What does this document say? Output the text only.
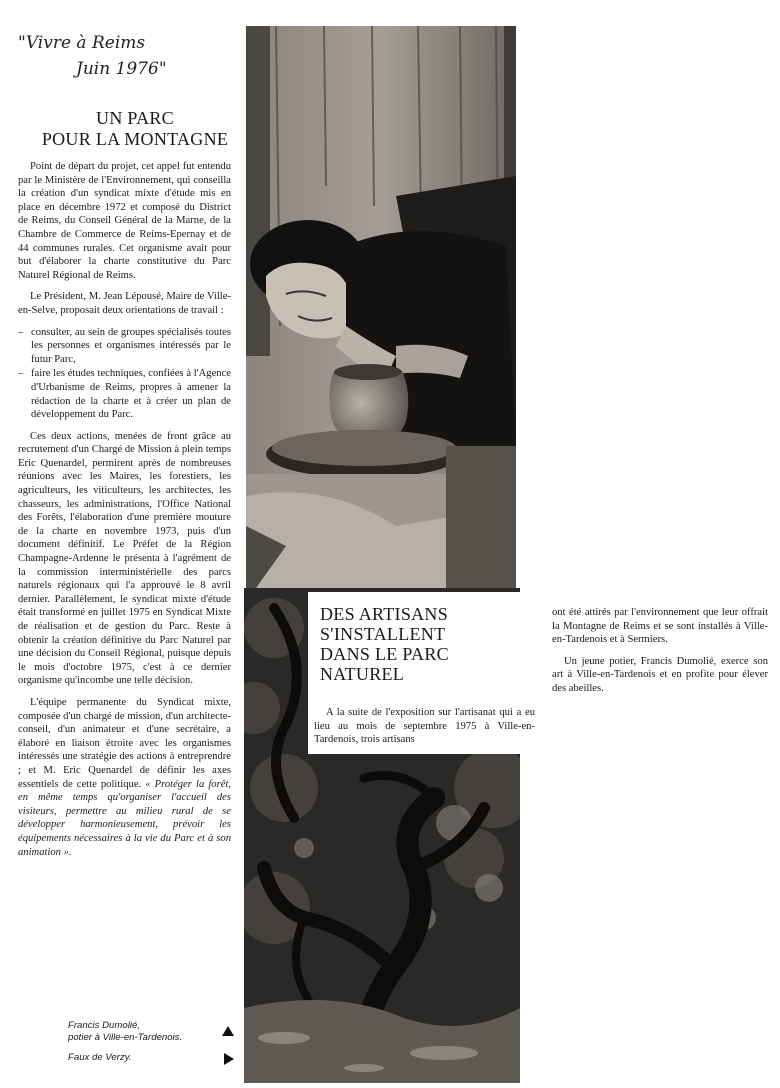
"Vivre à Reims
Juin 1976"
UN PARC
POUR LA MONTAGNE

Point de départ du projet, cet appel fut entendu par le Ministère de l'Environnement, qui conseilla la création d'un syndicat mixte d'étude mis en place en décembre 1972 et composé du District de Reims, du Conseil Général de la Marne, de la Chambre de Commerce de Reims-Epernay et de 44 communes rurales. Cet organisme avait pour but d'élaborer la charte constitutive du Parc Naturel Régional de Reims.

Le Président, M. Jean Lépousé, Maire de Ville-en-Selve, proposait deux orientations de travail :

– consulter, au sein de groupes spécialisés toutes les personnes et organismes intéressés par le futur Parc,
– faire les études techniques, confiées à l'Agence d'Urbanisme de Reims, propres à amener la rédaction de la charte et à créer un plan de développement du Parc.

Ces deux actions, menées de front grâce au recrutement d'un Chargé de Mission à plein temps Eric Quenardel, permirent après de nombreuses réunions avec les Maires, les forestiers, les agriculteurs, les viticulteurs, les architectes, les chasseurs, les administrations, l'Office National des Forêts, l'élaboration d'une première mouture de la charte en novembre 1973, puis d'un document définitif. Le Préfet de la Région Champagne-Ardenne le présenta à l'agrément de la commission interministérielle des parcs naturels régionaux qui l'a approuvé le 8 avril dernier. Parallèlement, le syndicat mixte d'étude était transformé en juillet 1975 en Syndicat Mixte de réalisation et de gestion du Parc. Reste à obtenir la création définitive du Parc Naturel par une décision du Conseil Régional, puisque depuis le mois d'octobre 1975, c'est à ce dernier organisme qu'incombe une telle décision.

L'équipe permanente du Syndicat mixte, composée d'un chargé de mission, d'un architecte-conseil, d'un animateur et d'une secrétaire, a élaboré en liaison étroite avec les organismes intéressés une stratégie des actions à entreprendre ; et M. Eric Quenardel de définir les axes essentiels de cette politique. « Protéger la forêt, en même temps qu'organiser l'accueil des visiteurs, permettre au milieu rural de se développer harmonieusement, prévoir les équipements nécessaires à la vie du Parc et à son animation ».

Francis Dumolié,
potier à Ville-en-Tardenois.
Faux de Verzy.
DES ARTISANS
S'INSTALLENT
DANS LE PARC
NATUREL

A la suite de l'exposition sur l'artisanat qui a eu lieu au mois de septembre 1975 à Ville-en-Tardenois, trois artisans

ont été attirés par l'environnement que leur offrait la Montagne de Reims et se sont installés à Ville-en-Tardenois et à Sermiers.

Un jeune potier, Francis Dumolié, exerce son art à Ville-en-Tardenois et en profite pour élever des abeilles.
